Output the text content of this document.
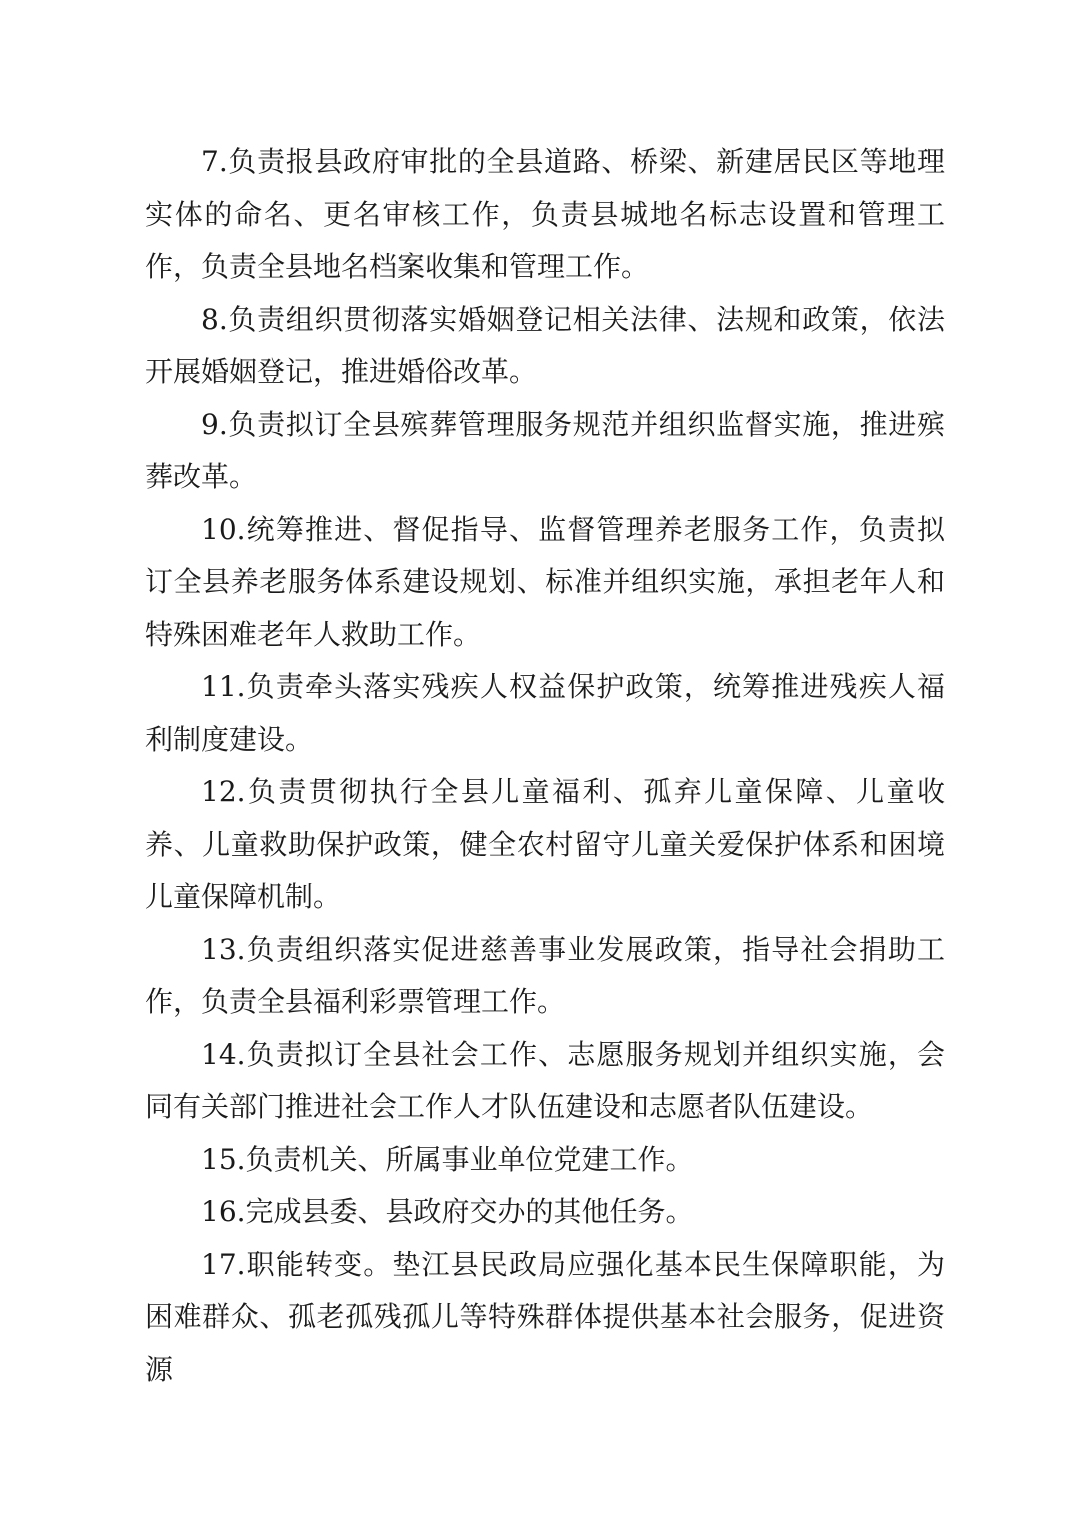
7.负责报县政府审批的全县道路、桥梁、新建居民区等地理实体的命名、更名审核工作，负责县城地名标志设置和管理工作，负责全县地名档案收集和管理工作。

8.负责组织贯彻落实婚姻登记相关法律、法规和政策，依法开展婚姻登记，推进婚俗改革。

9.负责拟订全县殡葬管理服务规范并组织监督实施，推进殡葬改革。

10.统筹推进、督促指导、监督管理养老服务工作，负责拟订全县养老服务体系建设规划、标准并组织实施，承担老年人和特殊困难老年人救助工作。

11.负责牵头落实残疾人权益保护政策，统筹推进残疾人福利制度建设。

12.负责贯彻执行全县儿童福利、孤弃儿童保障、儿童收养、儿童救助保护政策，健全农村留守儿童关爱保护体系和困境儿童保障机制。

13.负责组织落实促进慈善事业发展政策，指导社会捐助工作，负责全县福利彩票管理工作。

14.负责拟订全县社会工作、志愿服务规划并组织实施，会同有关部门推进社会工作人才队伍建设和志愿者队伍建设。

15.负责机关、所属事业单位党建工作。

16.完成县委、县政府交办的其他任务。

17.职能转变。垫江县民政局应强化基本民生保障职能，为困难群众、孤老孤残孤儿等特殊群体提供基本社会服务，促进资源
